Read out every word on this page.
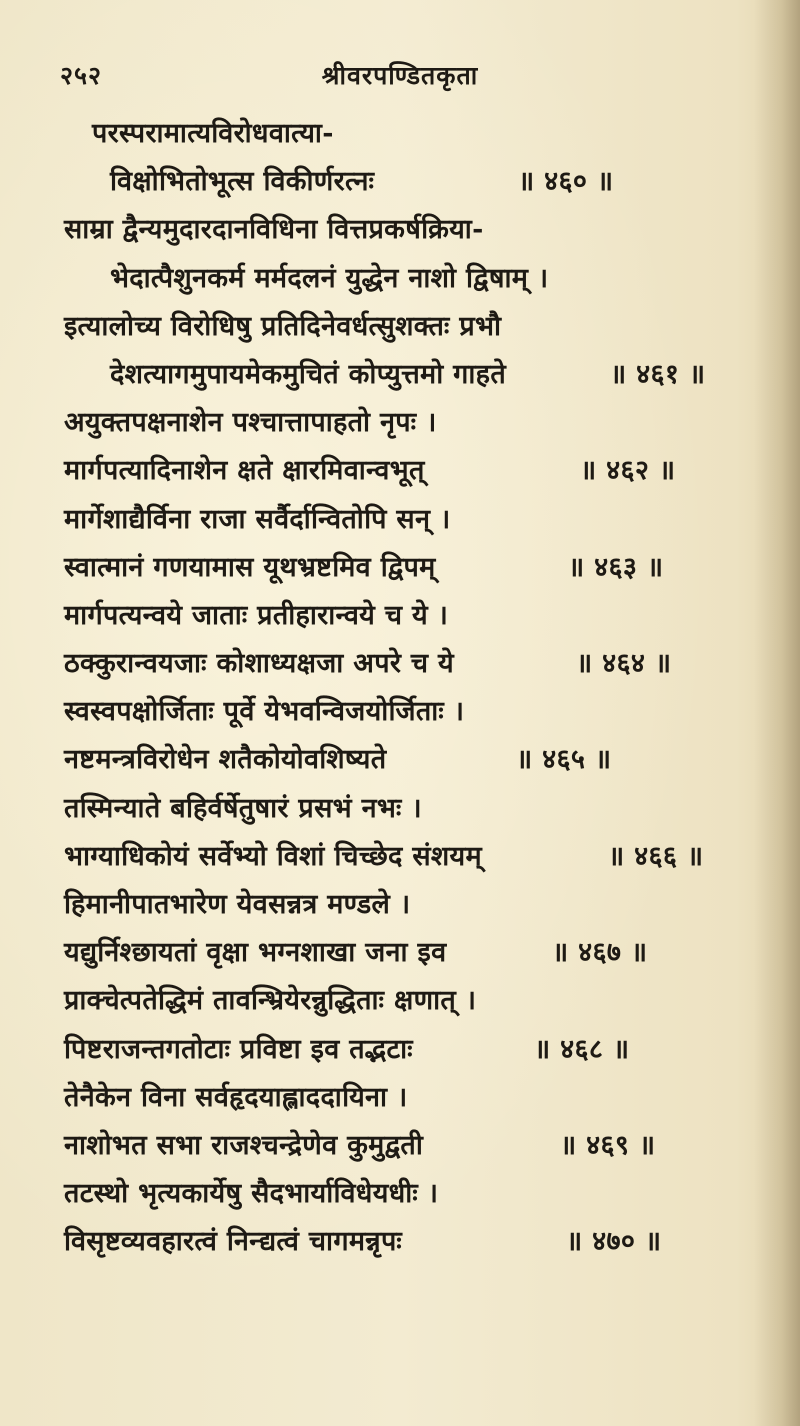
२५२	श्रीवरपण्डितकृता
परस्परामात्यविरोधवात्या-
विक्षोभितोभूत्स विकीर्णरत्नः	॥ ४६० ॥
साम्रा द्वैन्यमुदारदानविधिना वित्तप्रकर्षक्रिया-
भेदात्पैशुनकर्म मर्मदलनं युद्धेन नाशो द्विषाम् ।
इत्यालोच्य विरोधिषु प्रतिदिनेवर्धत्सुशक्तः प्रभौ
देशत्यागमुपायमेकमुचितं कोप्युत्तमो गाहते	॥ ४६१ ॥
अयुक्तपक्षनाशेन पश्चात्तापाहतो नृपः ।
मार्गपत्यादिनाशेन क्षते क्षारमिवान्वभूत्	॥ ४६२ ॥
मार्गेशाद्यैर्विना राजा सर्वैर्दान्वितोपि सन् ।
स्वात्मानं गणयामास यूथभ्रष्टमिव द्विपम्	॥ ४६३ ॥
मार्गपत्यन्वये जाताः प्रतीहारान्वये च ये ।
ठक्कुरान्वयजाः कोशाध्यक्षजा अपरे च ये	॥ ४६४ ॥
स्वस्वपक्षोर्जिताः पूर्वे येभवन्विजयोर्जिताः ।
नष्टमन्त्रविरोधेन शतैकोयोवशिष्यते	॥ ४६५ ॥
तस्मिन्याते बहिर्वर्षेतुषारं प्रसभं नभः ।
भाग्याधिकोयं सर्वेभ्यो विशां चिच्छेद संशयम्	॥ ४६६ ॥
हिमानीपातभारेण येवसन्नत्र मण्डले ।
यद्युर्निश्छायतां वृक्षा भग्नशाखा जना इव	॥ ४६७ ॥
प्राक्चेत्पतेद्धिमं तावन्भ्रियेरन्नुद्धिताः क्षणात् ।
पिष्टराजन्तगतोटाः प्रविष्टा इव तद्भटाः	॥ ४६८ ॥
तेनैकेन विना सर्वहृदयाह्लाददायिना ।
नाशोभत सभा राजश्चन्द्रेणेव कुमुद्वती	॥ ४६९ ॥
तटस्थो भृत्यकार्येषु सैदभार्याविधेयधीः ।
विसृष्टव्यवहारत्वं निन्द्यत्वं चागमन्नृपः	॥ ४७० ॥
